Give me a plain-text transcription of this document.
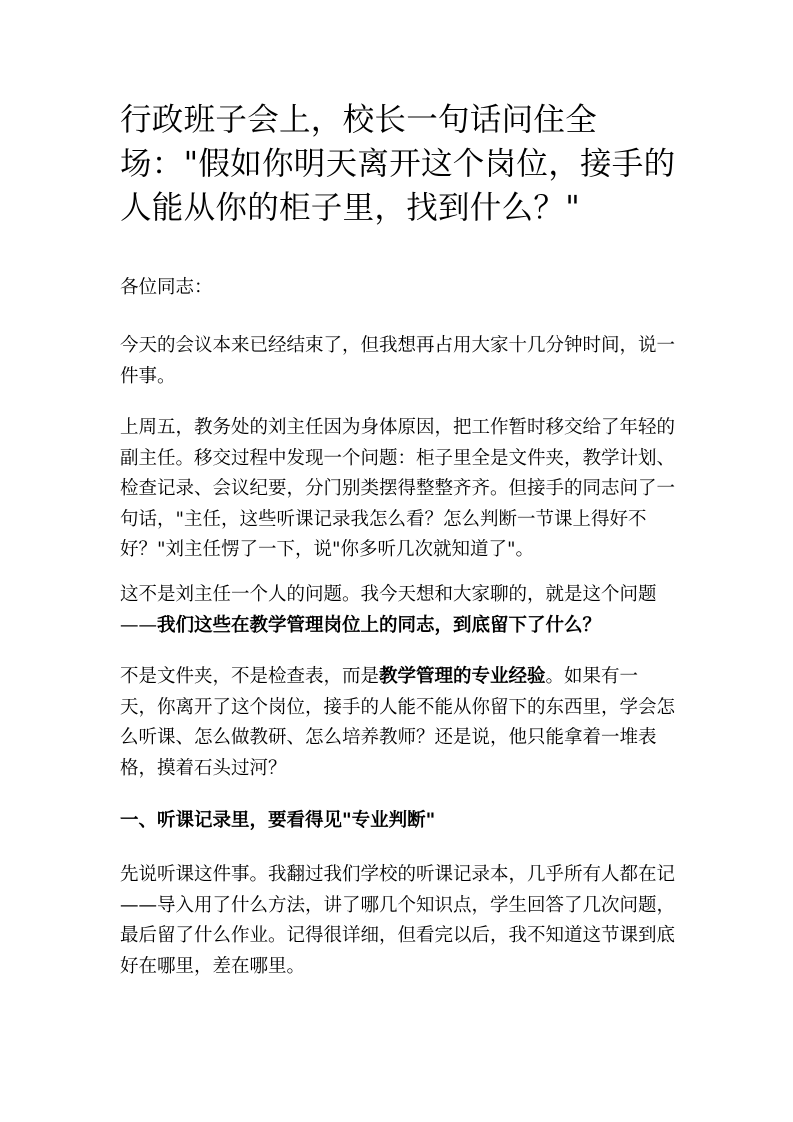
行政班子会上，校长一句话问住全场："假如你明天离开这个岗位，接手的人能从你的柜子里，找到什么？"

各位同志：

今天的会议本来已经结束了，但我想再占用大家十几分钟时间，说一件事。

上周五，教务处的刘主任因为身体原因，把工作暂时移交给了年轻的副主任。移交过程中发现一个问题：柜子里全是文件夹，教学计划、检查记录、会议纪要，分门别类摆得整整齐齐。但接手的同志问了一句话，"主任，这些听课记录我怎么看？怎么判断一节课上得好不好？"刘主任愣了一下，说"你多听几次就知道了"。

这不是刘主任一个人的问题。我今天想和大家聊的，就是这个问题——我们这些在教学管理岗位上的同志，到底留下了什么？

不是文件夹，不是检查表，而是教学管理的专业经验。如果有一天，你离开了这个岗位，接手的人能不能从你留下的东西里，学会怎么听课、怎么做教研、怎么培养教师？还是说，他只能拿着一堆表格，摸着石头过河？

一、听课记录里，要看得见"专业判断"

先说听课这件事。我翻过我们学校的听课记录本，几乎所有人都在记——导入用了什么方法，讲了哪几个知识点，学生回答了几次问题，最后留了什么作业。记得很详细，但看完以后，我不知道这节课到底好在哪里，差在哪里。
